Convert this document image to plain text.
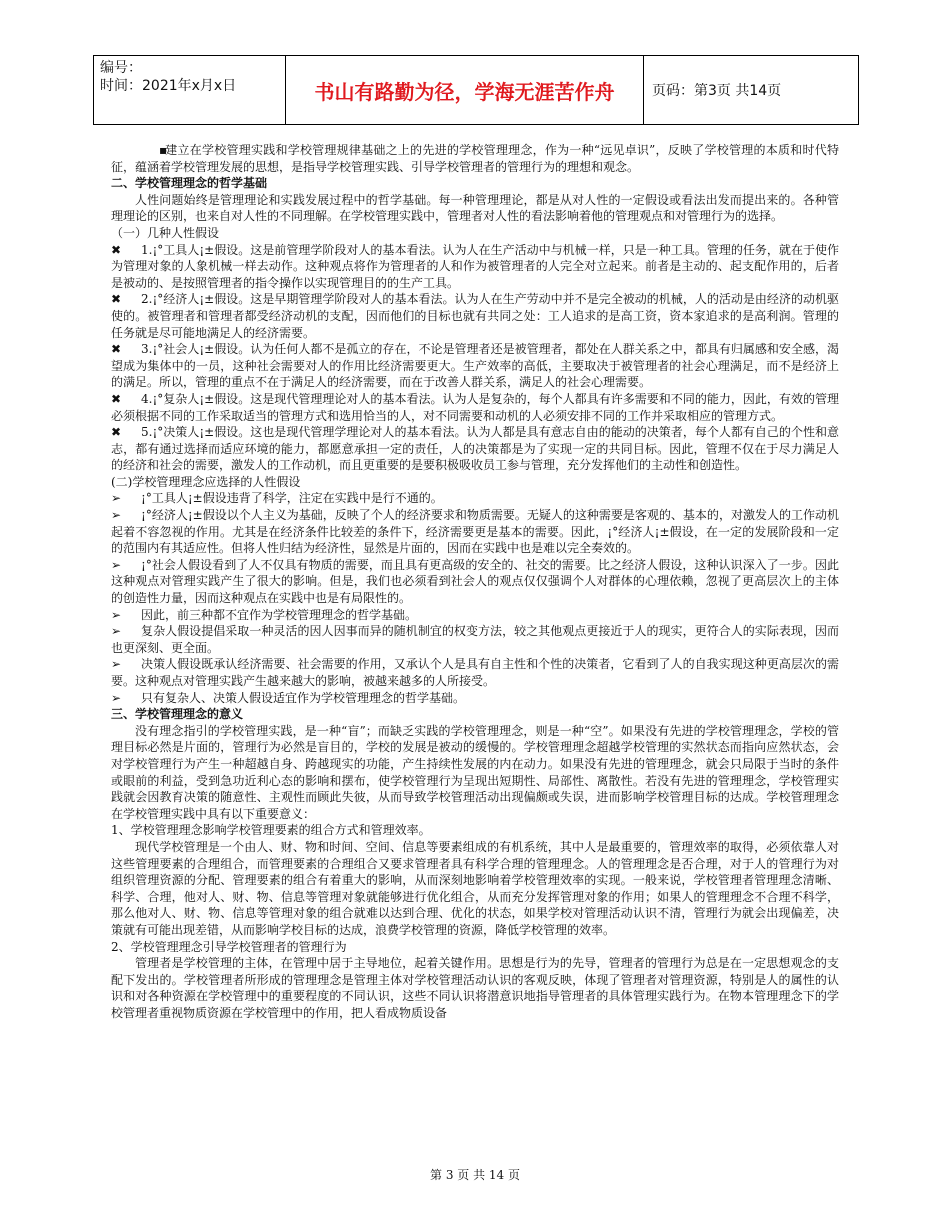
编号：
时间：2021年x月x日	书山有路勤为径，学海无涯苦作舟	页码：第3页 共14页

▪建立在学校管理实践和学校管理规律基础之上的先进的学校管理理念，作为一种“远见卓识”，反映了学校管理的本质和时代特征，蕴涵着学校管理发展的思想，是指导学校管理实践、引导学校管理者的管理行为的理想和观念。

二、学校管理理念的哲学基础

人性问题始终是管理理论和实践发展过程中的哲学基础。每一种管理理论，都是从对人性的一定假设或看法出发而提出来的。各种管理理论的区别，也来自对人性的不同理解。在学校管理实践中，管理者对人性的看法影响着他的管理观点和对管理行为的选择。

（一）几种人性假设

✖ 1.¡°工具人¡±假设。这是前管理学阶段对人的基本看法。认为人在生产活动中与机械一样，只是一种工具。管理的任务，就在于使作为管理对象的人象机械一样去动作。这种观点将作为管理者的人和作为被管理者的人完全对立起来。前者是主动的、起支配作用的，后者是被动的、是按照管理者的指令操作以实现管理目的的生产工具。

✖ 2.¡°经济人¡±假设。这是早期管理学阶段对人的基本看法。认为人在生产劳动中并不是完全被动的机械，人的活动是由经济的动机驱使的。被管理者和管理者都受经济动机的支配，因而他们的目标也就有共同之处：工人追求的是高工资，资本家追求的是高利润。管理的任务就是尽可能地满足人的经济需要。

✖ 3.¡°社会人¡±假设。认为任何人都不是孤立的存在，不论是管理者还是被管理者，都处在人群关系之中，都具有归属感和安全感，渴望成为集体中的一员，这种社会需要对人的作用比经济需要更大。生产效率的高低，主要取决于被管理者的社会心理满足，而不是经济上的满足。所以，管理的重点不在于满足人的经济需要，而在于改善人群关系，满足人的社会心理需要。

✖ 4.¡°复杂人¡±假设。这是现代管理理论对人的基本看法。认为人是复杂的，每个人都具有许多需要和不同的能力，因此，有效的管理必须根据不同的工作采取适当的管理方式和选用恰当的人，对不同需要和动机的人必须安排不同的工作并采取相应的管理方式。

✖ 5.¡°决策人¡±假设。这也是现代管理学理论对人的基本看法。认为人都是具有意志自由的能动的决策者，每个人都有自己的个性和意志，都有通过选择而适应环境的能力，都愿意承担一定的责任，人的决策都是为了实现一定的共同目标。因此，管理不仅在于尽力满足人的经济和社会的需要，激发人的工作动机，而且更重要的是要积极吸收员工参与管理，充分发挥他们的主动性和创造性。

(二)学校管理理念应选择的人性假设

➢ ¡°工具人¡±假设违背了科学，注定在实践中是行不通的。

➢ ¡°经济人¡±假设以个人主义为基础，反映了个人的经济要求和物质需要。无疑人的这种需要是客观的、基本的，对激发人的工作动机起着不容忽视的作用。尤其是在经济条件比较差的条件下，经济需要更是基本的需要。因此，¡°经济人¡±假设，在一定的发展阶段和一定的范围内有其适应性。但将人性归结为经济性，显然是片面的，因而在实践中也是难以完全奏效的。

➢ ¡°社会人假设看到了人不仅具有物质的需要，而且具有更高级的安全的、社交的需要。比之经济人假设，这种认识深入了一步。因此这种观点对管理实践产生了很大的影响。但是，我们也必须看到社会人的观点仅仅强调个人对群体的心理依赖，忽视了更高层次上的主体的创造性力量，因而这种观点在实践中也是有局限性的。

➢ 因此，前三种都不宜作为学校管理理念的哲学基础。

➢ 复杂人假设提倡采取一种灵活的因人因事而异的随机制宜的权变方法，较之其他观点更接近于人的现实，更符合人的实际表现，因而也更深刻、更全面。

➢ 决策人假设既承认经济需要、社会需要的作用，又承认个人是具有自主性和个性的决策者，它看到了人的自我实现这种更高层次的需要。这种观点对管理实践产生越来越大的影响，被越来越多的人所接受。

➢ 只有复杂人、决策人假设适宜作为学校管理理念的哲学基础。

三、学校管理理念的意义

没有理念指引的学校管理实践，是一种“盲”；而缺乏实践的学校管理理念，则是一种“空”。如果没有先进的学校管理理念，学校的管理目标必然是片面的，管理行为必然是盲目的，学校的发展是被动的缓慢的。学校管理理念超越学校管理的实然状态而指向应然状态，会对学校管理行为产生一种超越自身、跨越现实的功能，产生持续性发展的内在动力。如果没有先进的管理理念，就会只局限于当时的条件或眼前的利益，受到急功近利心态的影响和摆布，使学校管理行为呈现出短期性、局部性、离散性。若没有先进的管理理念，学校管理实践就会因教育决策的随意性、主观性而顾此失彼，从而导致学校管理活动出现偏颇或失误，进而影响学校管理目标的达成。学校管理理念在学校管理实践中具有以下重要意义：

1、学校管理理念影响学校管理要素的组合方式和管理效率。

现代学校管理是一个由人、财、物和时间、空间、信息等要素组成的有机系统，其中人是最重要的，管理效率的取得，必须依靠人对这些管理要素的合理组合，而管理要素的合理组合又要求管理者具有科学合理的管理理念。人的管理理念是否合理，对于人的管理行为对组织管理资源的分配、管理要素的组合有着重大的影响，从而深刻地影响着学校管理效率的实现。一般来说，学校管理者管理理念清晰、科学、合理，他对人、财、物、信息等管理对象就能够进行优化组合，从而充分发挥管理对象的作用；如果人的管理理念不合理不科学，那么他对人、财、物、信息等管理对象的组合就难以达到合理、优化的状态，如果学校对管理活动认识不清，管理行为就会出现偏差，决策就有可能出现差错，从而影响学校目标的达成，浪费学校管理的资源，降低学校管理的效率。

2、学校管理理念引导学校管理者的管理行为

管理者是学校管理的主体，在管理中居于主导地位，起着关键作用。思想是行为的先导，管理者的管理行为总是在一定思想观念的支配下发出的。学校管理者所形成的管理理念是管理主体对学校管理活动认识的客观反映，体现了管理者对管理资源，特别是人的属性的认识和对各种资源在学校管理中的重要程度的不同认识，这些不同认识将潜意识地指导管理者的具体管理实践行为。在物本管理理念下的学校管理者重视物质资源在学校管理中的作用，把人看成物质设备

第 3 页 共 14 页
